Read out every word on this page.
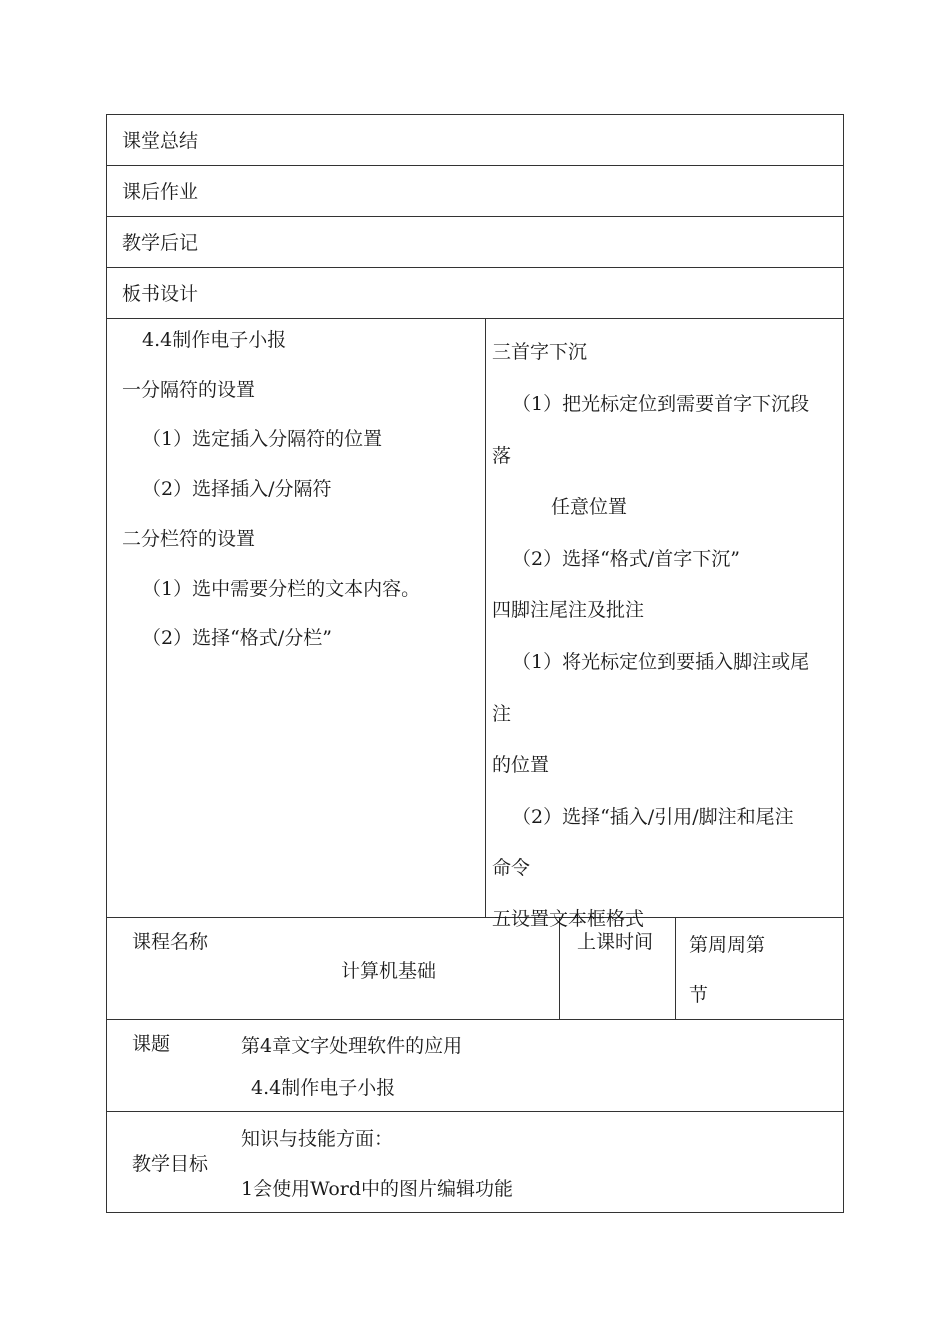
课堂总结
课后作业
教学后记
板书设计
4.4制作电子小报
一分隔符的设置
（1）选定插入分隔符的位置
（2）选择插入/分隔符
二分栏符的设置
（1）选中需要分栏的文本内容。
（2）选择“格式/分栏”
三首字下沉
（1）把光标定位到需要首字下沉段
落
任意位置
（2）选择“格式/首字下沉”
四脚注尾注及批注
（1）将光标定位到要插入脚注或尾
注
的位置
（2）选择“插入/引用/脚注和尾注
命令
五设置文本框格式
课程名称
计算机基础
上课时间 第周周第
节
课题	第4章文字处理软件的应用
4.4制作电子小报
教学目标
知识与技能方面：
1会使用Word中的图片编辑功能
